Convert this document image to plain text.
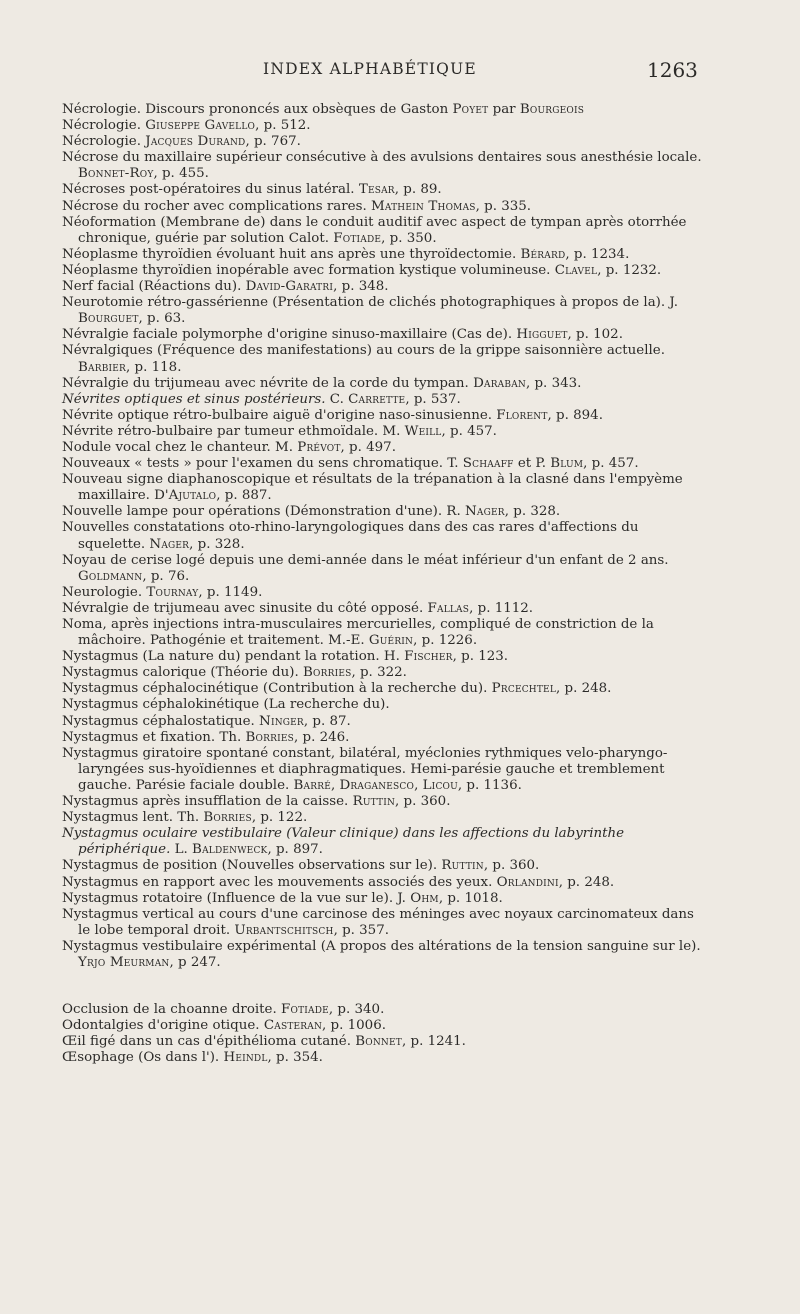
INDEX ALPHABÉTIQUE	1263

Nécrologie. Discours prononcés aux obsèques de Gaston Poyet par Bourgeois

Nécrologie. Giuseppe Gavello, p. 512.

Nécrologie. Jacques Durand, p. 767.

Nécrose du maxillaire supérieur consécutive à des avulsions dentaires sous anesthésie locale. Bonnet-Roy, p. 455.

Nécroses post-opératoires du sinus latéral. Tesar, p. 89.

Nécrose du rocher avec complications rares. Mathein Thomas, p. 335.

Néoformation (Membrane de) dans le conduit auditif avec aspect de tympan après otorrhée chronique, guérie par solution Calot. Fotiade, p. 350.

Néoplasme thyroïdien évoluant huit ans après une thyroïdectomie. Bérard, p. 1234.

Néoplasme thyroïdien inopérable avec formation kystique volumineuse. Clavel, p. 1232.

Nerf facial (Réactions du). David-Garatri, p. 348.

Neurotomie rétro-gassérienne (Présentation de clichés photographiques à propos de la). J. Bourguet, p. 63.

Névralgie faciale polymorphe d'origine sinuso-maxillaire (Cas de). Higguet, p. 102.

Névralgiques (Fréquence des manifestations) au cours de la grippe saisonnière actuelle. Barbier, p. 118.

Névralgie du trijumeau avec névrite de la corde du tympan. Daraban, p. 343.

Névrites optiques et sinus postérieurs. C. Carrette, p. 537.

Névrite optique rétro-bulbaire aiguë d'origine naso-sinusienne. Florent, p. 894.

Névrite rétro-bulbaire par tumeur ethmoïdale. M. Weill, p. 457.

Nodule vocal chez le chanteur. M. Prévot, p. 497.

Nouveaux « tests » pour l'examen du sens chromatique. T. Schaaff et P. Blum, p. 457.

Nouveau signe diaphanoscopique et résultats de la trépanation à la clasné dans l'empyème maxillaire. D'Ajutalo, p. 887.

Nouvelle lampe pour opérations (Démonstration d'une). R. Nager, p. 328.

Nouvelles constatations oto-rhino-laryngologiques dans des cas rares d'affections du squelette. Nager, p. 328.

Noyau de cerise logé depuis une demi-année dans le méat inférieur d'un enfant de 2 ans. Goldmann, p. 76.

Neurologie. Tournay, p. 1149.

Névralgie de trijumeau avec sinusite du côté opposé. Fallas, p. 1112.

Noma, après injections intra-musculaires mercurielles, compliqué de constriction de la mâchoire. Pathogénie et traitement. M.-E. Guérin, p. 1226.

Nystagmus (La nature du) pendant la rotation. H. Fischer, p. 123.

Nystagmus calorique (Théorie du). Borries, p. 322.

Nystagmus céphalocinétique (Contribution à la recherche du). Prcechtel, p. 248.

Nystagmus céphalokinétique (La recherche du).

Nystagmus céphalostatique. Ninger, p. 87.

Nystagmus et fixation. Th. Borries, p. 246.

Nystagmus giratoire spontané constant, bilatéral, myéclonies rythmiques velo-pharyngo-laryngées sus-hyoïdiennes et diaphragmatiques. Hemi-parésie gauche et tremblement gauche. Parésie faciale double. Barré, Draganesco, Licou, p. 1136.

Nystagmus après insufflation de la caisse. Ruttin, p. 360.

Nystagmus lent. Th. Borries, p. 122.

Nystagmus oculaire vestibulaire (Valeur clinique) dans les affections du labyrinthe périphérique. L. Baldenweck, p. 897.

Nystagmus de position (Nouvelles observations sur le). Ruttin, p. 360.

Nystagmus en rapport avec les mouvements associés des yeux. Orlandini, p. 248.

Nystagmus rotatoire (Influence de la vue sur le). J. Ohm, p. 1018.

Nystagmus vertical au cours d'une carcinose des méninges avec noyaux carcinomateux dans le lobe temporal droit. Urbantschitsch, p. 357.

Nystagmus vestibulaire expérimental (A propos des altérations de la tension sanguine sur le). Yrjo Meurman, p 247.

Occlusion de la choanne droite. Fotiade, p. 340.

Odontalgies d'origine otique. Casteran, p. 1006.

Œil figé dans un cas d'épithélioma cutané. Bonnet, p. 1241.

Œsophage (Os dans l'). Heindl, p. 354.
